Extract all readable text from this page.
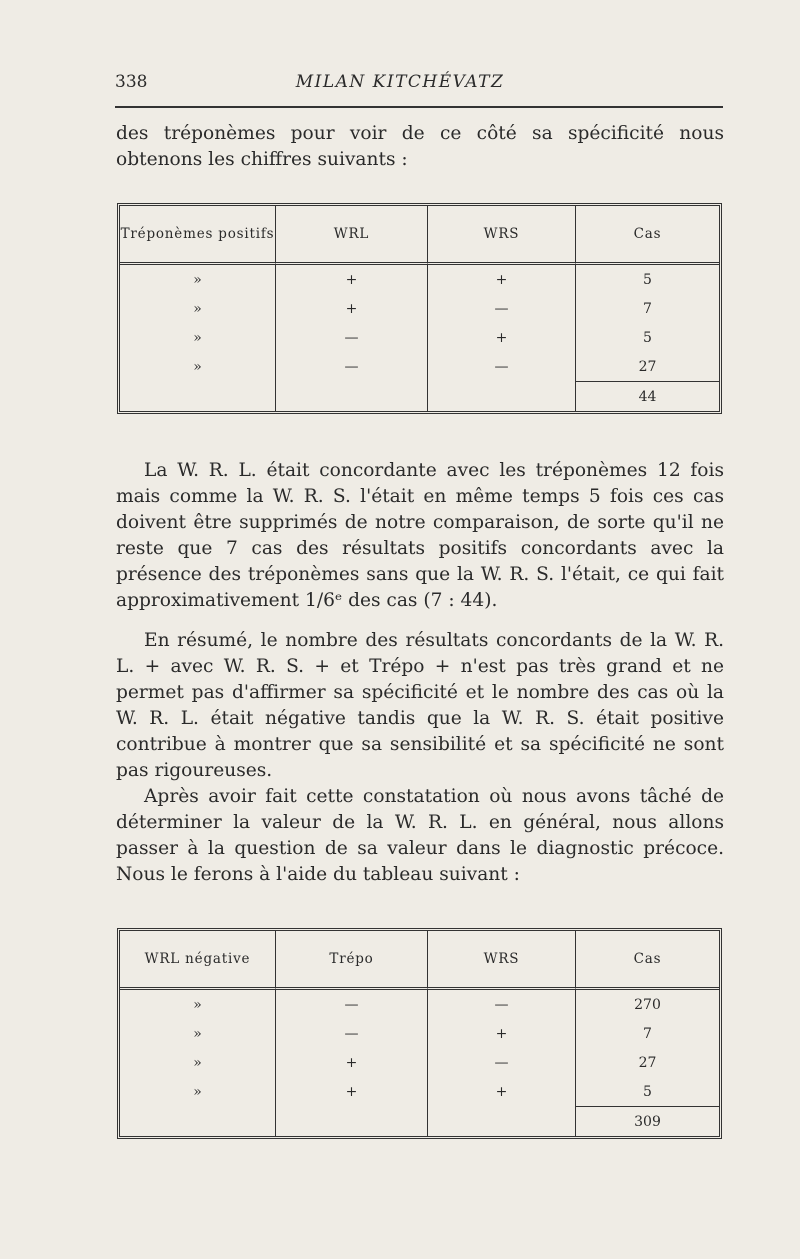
338	MILAN KITCHÉVATZ
des tréponèmes pour voir de ce côté sa spécificité nous obtenons les chiffres suivants :
Tréponèmes positifs	WRL	WRS	Cas
»	+	+	5
»	+	—	7
»	—	+	5
»	—	—	27
			44
La W. R. L. était concordante avec les tréponèmes 12 fois mais comme la W. R. S. l'était en même temps 5 fois ces cas doivent être supprimés de notre comparaison, de sorte qu'il ne reste que 7 cas des résultats positifs concordants avec la présence des tréponèmes sans que la W. R. S. l'était, ce qui fait approximativement 1/6ᵉ des cas (7 : 44).
En résumé, le nombre des résultats concordants de la W. R. L. + avec W. R. S. + et Trépo + n'est pas très grand et ne permet pas d'affirmer sa spécificité et le nombre des cas où la W. R. L. était négative tandis que la W. R. S. était positive contribue à montrer que sa sensibilité et sa spécificité ne sont pas rigoureuses.
Après avoir fait cette constatation où nous avons tâché de déterminer la valeur de la W. R. L. en général, nous allons passer à la question de sa valeur dans le diagnostic précoce. Nous le ferons à l'aide du tableau suivant :
WRL négative	Trépo	WRS	Cas
»	—	—	270
»	—	+	7
»	+	—	27
»	+	+	5
			309
